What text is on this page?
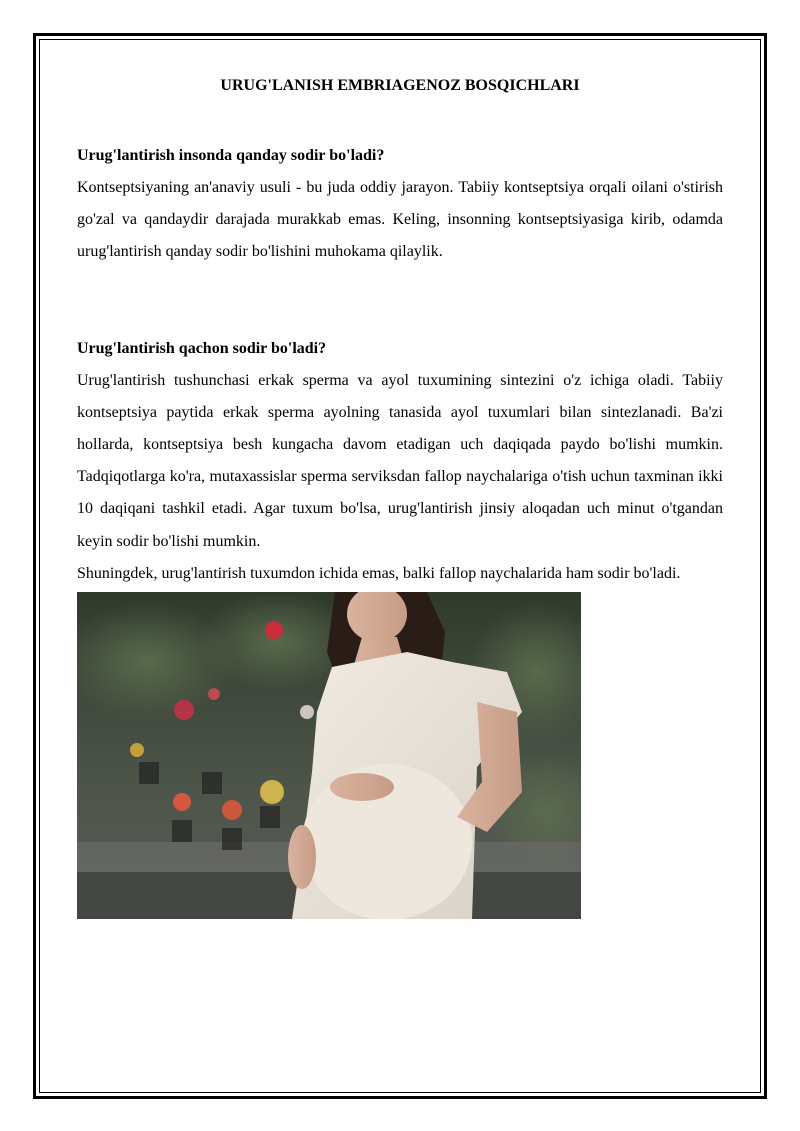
URUG'LANISH EMBRIAGENOZ BOSQICHLARI

Urug'lantirish insonda qanday sodir bo'ladi?

Kontseptsiyaning an'anaviy usuli - bu juda oddiy jarayon. Tabiiy kontseptsiya orqali oilani o'stirish go'zal va qandaydir darajada murakkab emas. Keling, insonning kontseptsiyasiga kirib, odamda urug'lantirish qanday sodir bo'lishini muhokama qilaylik.

Urug'lantirish qachon sodir bo'ladi?

Urug'lantirish tushunchasi erkak sperma va ayol tuxumining sintezini o'z ichiga oladi. Tabiiy kontseptsiya paytida erkak sperma ayolning tanasida ayol tuxumlari bilan sintezlanadi. Ba'zi hollarda, kontseptsiya besh kungacha davom etadigan uch daqiqada paydo bo'lishi mumkin. Tadqiqotlarga ko'ra, mutaxassislar sperma serviksdan fallop naychalariga o'tish uchun taxminan ikki 10 daqiqani tashkil etadi. Agar tuxum bo'lsa, urug'lantirish jinsiy aloqadan uch minut o'tgandan keyin sodir bo'lishi mumkin.

Shuningdek, urug'lantirish tuxumdon ichida emas, balki fallop naychalarida ham sodir bo'ladi.
